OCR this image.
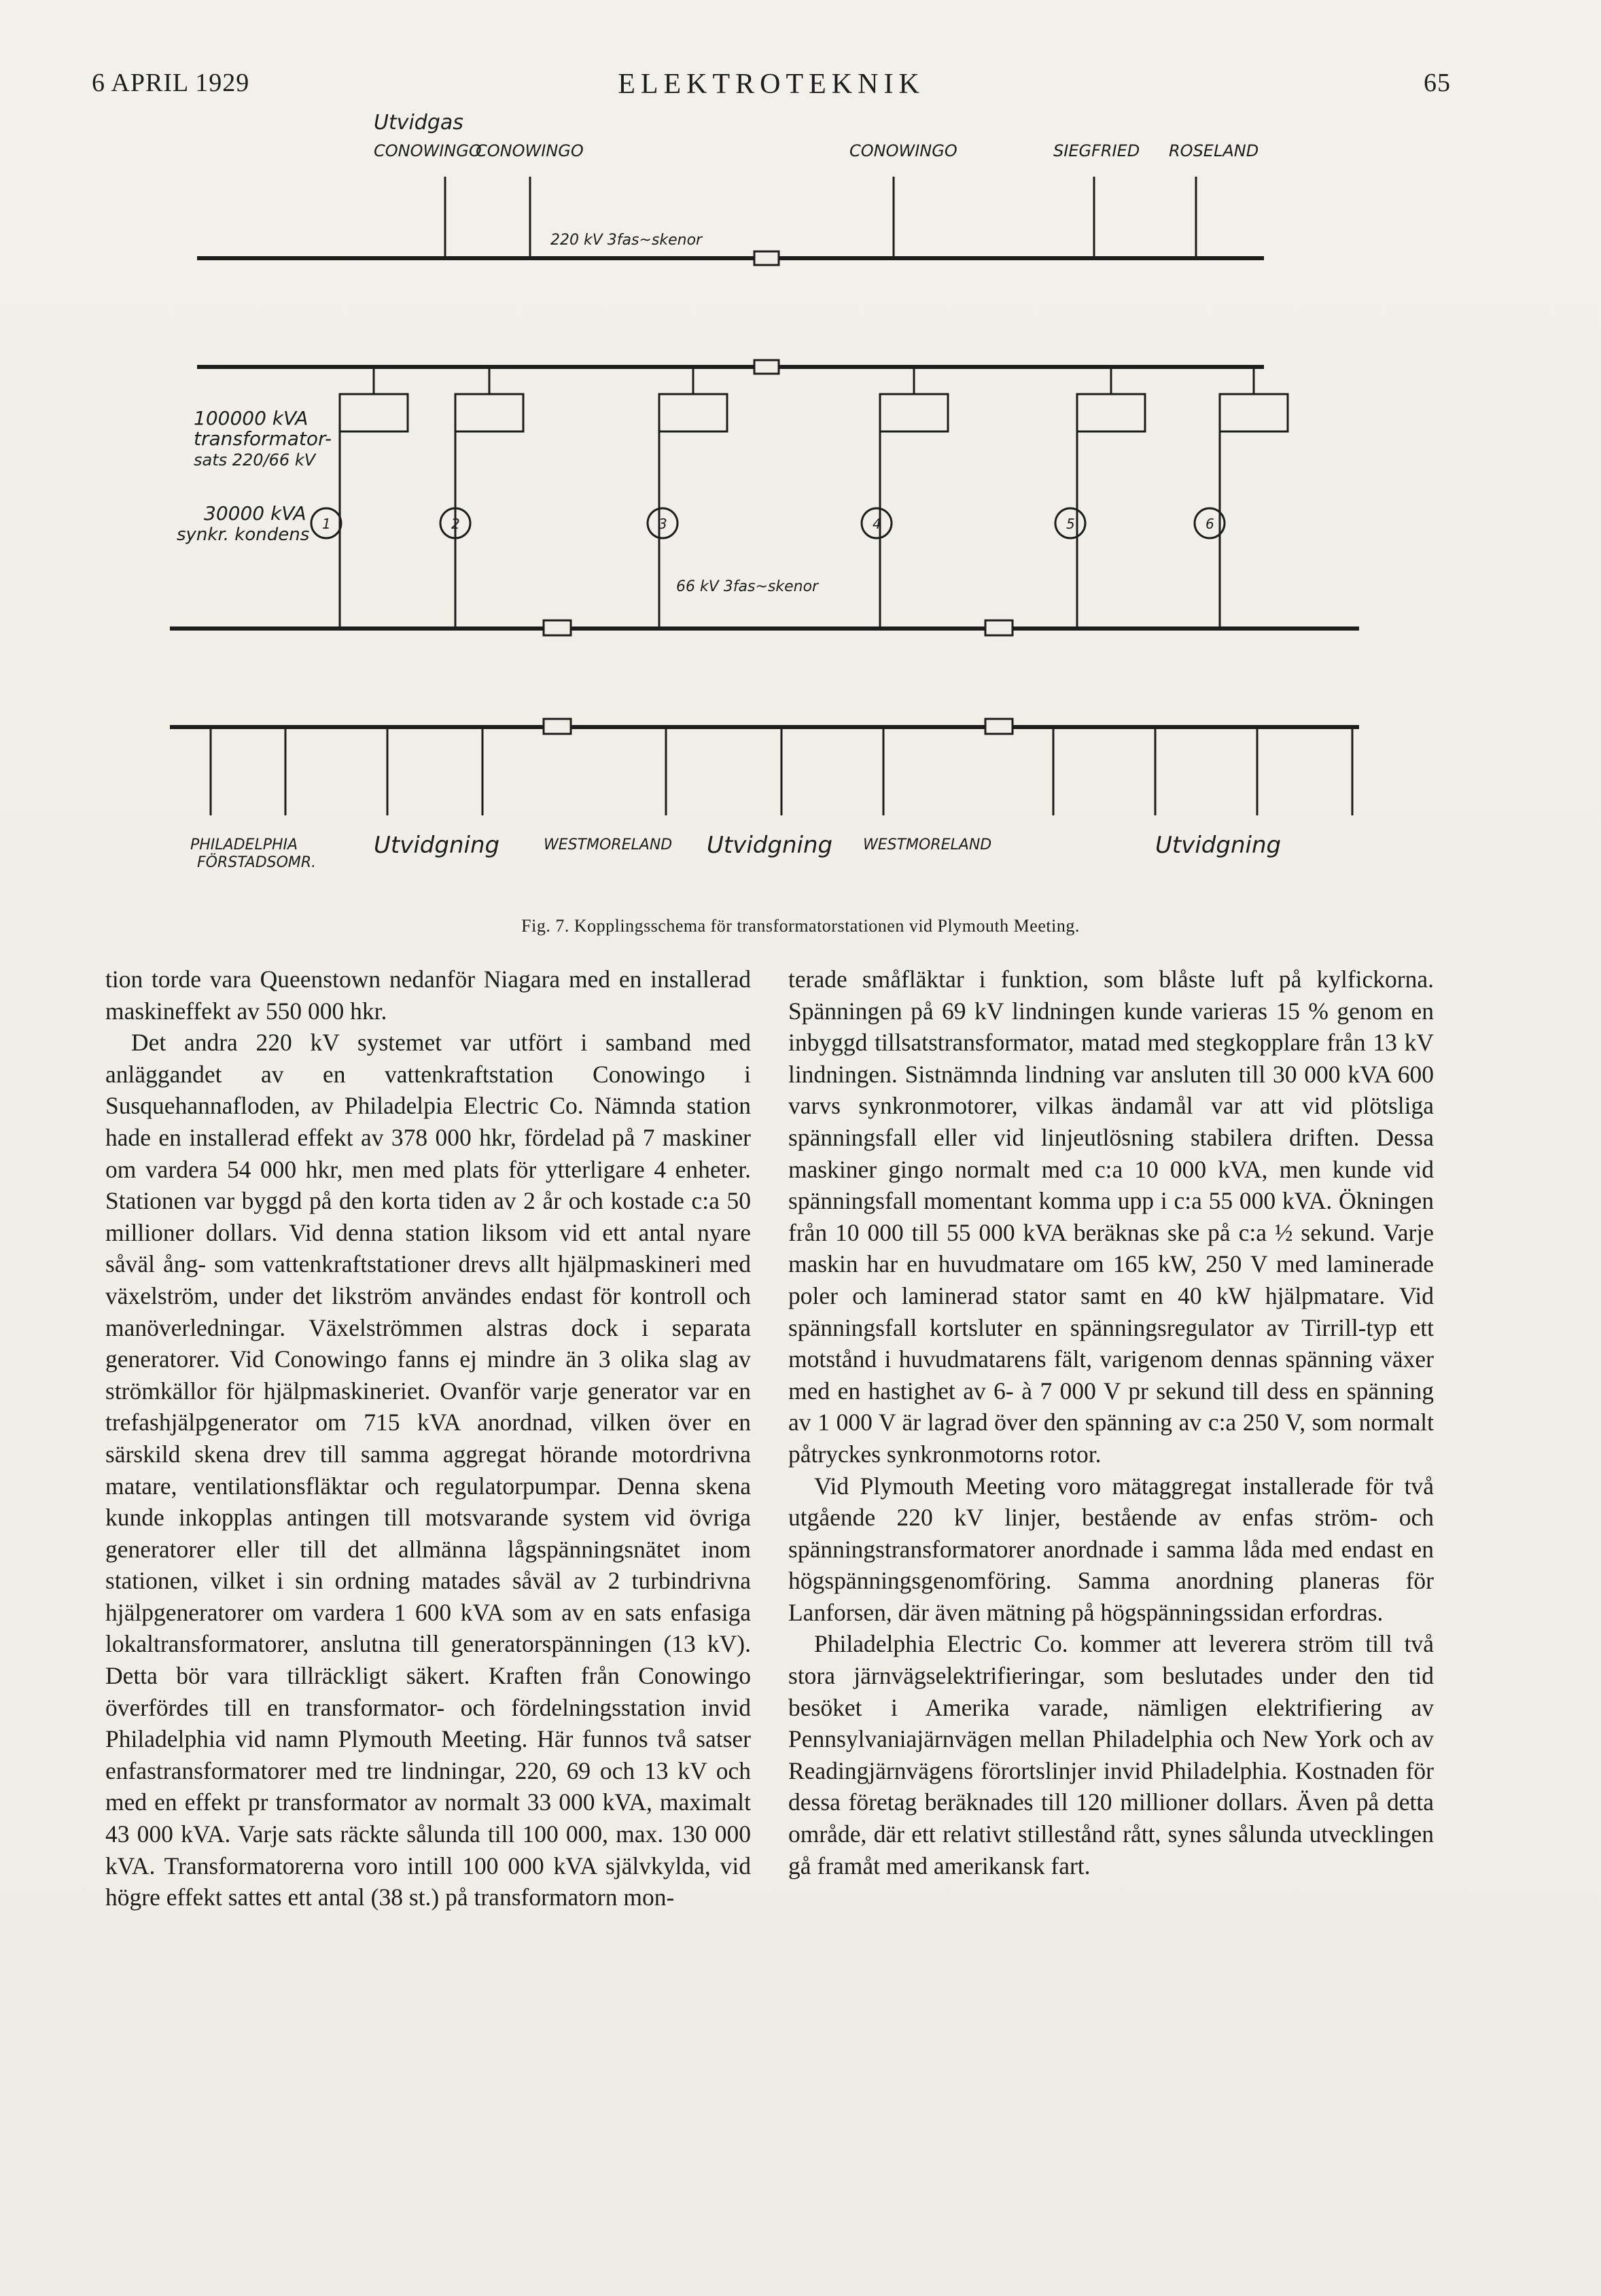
6 APRIL 1929	ELEKTROTEKNIK	65
Utvidgas
CONOWINGO
CONOWINGO	CONOWINGO	SIEGFRIED ROSELAND
220 kV 3fas~skenor
66 kV 3fas~skenor
100000 kVA
transformator-
sats 220/66 kV
30000 kVA
synkr. kondens
1	2	3	4	5	6
PHILADELPHIA
FÖRSTADSOMR.
Utvidgning	WESTMORELAND Utvidgning WESTMORELAND	Utvidgning
Fig. 7. Kopplingsschema för transformatorstationen vid Plymouth Meeting.

tion torde vara Queenstown nedanför Niagara med en installerad maskineffekt av 550 000 hkr.

Det andra 220 kV systemet var utfört i samband med anläggandet av en vattenkraftstation Conowingo i Susquehannafloden, av Philadelpia Electric Co. Nämnda station hade en installerad effekt av 378 000 hkr, fördelad på 7 maskiner om vardera 54 000 hkr, men med plats för ytterligare 4 enheter. Stationen var byggd på den korta tiden av 2 år och kostade c:a 50 millioner dollars. Vid denna station liksom vid ett antal nyare såväl ång- som vattenkraftstationer drevs allt hjälpmaskineri med växelström, under det likström användes endast för kontroll och manöverledningar. Växelströmmen alstras dock i separata generatorer. Vid Conowingo fanns ej mindre än 3 olika slag av strömkällor för hjälpmaskineriet. Ovanför varje generator var en trefashjälpgenerator om 715 kVA anordnad, vilken över en särskild skena drev till samma aggregat hörande motordrivna matare, ventilationsfläktar och regulatorpumpar. Denna skena kunde inkopplas antingen till motsvarande system vid övriga generatorer eller till det allmänna lågspänningsnätet inom stationen, vilket i sin ordning matades såväl av 2 turbindrivna hjälpgeneratorer om vardera 1 600 kVA som av en sats enfasiga lokaltransformatorer, anslutna till generatorspänningen (13 kV). Detta bör vara tillräckligt säkert. Kraften från Conowingo överfördes till en transformator- och fördelningsstation invid Philadelphia vid namn Plymouth Meeting. Här funnos två satser enfastransformatorer med tre lindningar, 220, 69 och 13 kV och med en effekt pr transformator av normalt 33 000 kVA, maximalt 43 000 kVA. Varje sats räckte sålunda till 100 000, max. 130 000 kVA. Transformatorerna voro intill 100 000 kVA självkylda, vid högre effekt sattes ett antal (38 st.) på transformatorn mon-

terade småfläktar i funktion, som blåste luft på kylfickorna. Spänningen på 69 kV lindningen kunde varieras 15 % genom en inbyggd tillsatstransformator, matad med stegkopplare från 13 kV lindningen. Sistnämnda lindning var ansluten till 30 000 kVA 600 varvs synkronmotorer, vilkas ändamål var att vid plötsliga spänningsfall eller vid linjeutlösning stabilera driften. Dessa maskiner gingo normalt med c:a 10 000 kVA, men kunde vid spänningsfall momentant komma upp i c:a 55 000 kVA. Ökningen från 10 000 till 55 000 kVA beräknas ske på c:a ½ sekund. Varje maskin har en huvudmatare om 165 kW, 250 V med laminerade poler och laminerad stator samt en 40 kW hjälpmatare. Vid spänningsfall kortsluter en spänningsregulator av Tirrill-typ ett motstånd i huvudmatarens fält, varigenom dennas spänning växer med en hastighet av 6- à 7 000 V pr sekund till dess en spänning av 1 000 V är lagrad över den spänning av c:a 250 V, som normalt påtryckes synkronmotorns rotor.

Vid Plymouth Meeting voro mätaggregat installerade för två utgående 220 kV linjer, bestående av enfas ström- och spänningstransformatorer anordnade i samma låda med endast en högspänningsgenomföring. Samma anordning planeras för Lanforsen, där även mätning på högspänningssidan erfordras.

Philadelphia Electric Co. kommer att leverera ström till två stora järnvägselektrifieringar, som beslutades under den tid besöket i Amerika varade, nämligen elektrifiering av Pennsylvaniajärnvägen mellan Philadelphia och New York och av Readingjärnvägens förortslinjer invid Philadelphia. Kostnaden för dessa företag beräknades till 120 millioner dollars. Även på detta område, där ett relativt stillestånd rått, synes sålunda utvecklingen gå framåt med amerikansk fart.
